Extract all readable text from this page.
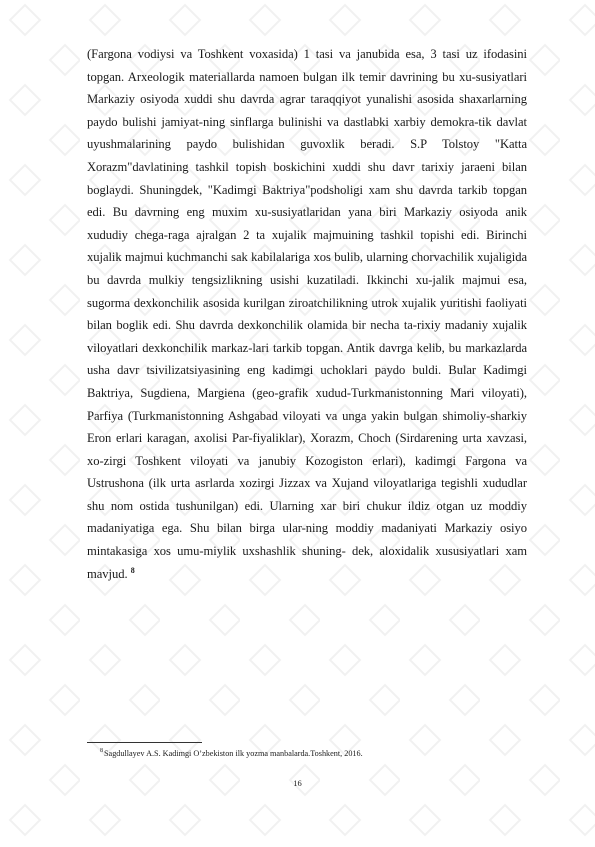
(Fargona vodiysi va Toshkent voxasida) 1 tasi va janubida esa, 3 tasi uz ifodasini topgan. Arxeologik materiallarda namoen bulgan ilk temir davrining bu xu-susiyatlari Markaziy osiyoda xuddi shu davrda agrar taraqqiyot yunalishi asosida shaxarlarning paydo bulishi jamiyat-ning sinflarga bulinishi va dastlabki xarbiy demokra-tik davlat uyushmalarining paydo bulishidan guvoxlik beradi. S.P Tolstoy "Katta Xorazm"davlatining tashkil topish boskichini xuddi shu davr tarixiy jaraeni bilan boglaydi. Shuningdek, "Kadimgi Baktriya"podsholigi xam shu davrda tarkib topgan edi. Bu davrning eng muxim xu-susiyatlaridan yana biri Markaziy osiyoda anik xududiy chega-raga ajralgan 2 ta xujalik majmuining tashkil topishi edi. Birinchi xujalik majmui kuchmanchi sak kabilalariga xos bulib, ularning chorvachilik xujaligida bu davrda mulkiy tengsizlikning usishi kuzatiladi. Ikkinchi xu-jalik majmui esa, sugorma dexkonchilik asosida kurilgan ziroatchilikning utrok xujalik yuritishi faoliyati bilan boglik edi. Shu davrda dexkonchilik olamida bir necha ta-rixiy madaniy xujalik viloyatlari dexkonchilik markaz-lari tarkib topgan. Antik davrga kelib, bu markazlarda usha davr tsivilizatsiyasining eng kadimgi uchoklari paydo buldi. Bular Kadimgi Baktriya, Sugdiena, Margiena (geo-grafik xudud-Turkmanistonning Mari viloyati), Parfiya (Turkmanistonning Ashgabad viloyati va unga yakin bulgan shimoliy-sharkiy Eron erlari karagan, axolisi Par-fiyaliklar), Xorazm, Choch (Sirdarening urta xavzasi, xo-zirgi Toshkent viloyati va janubiy Kozogiston erlari), kadimgi Fargona va Ustrushona (ilk urta asrlarda xozirgi Jizzax va Xujand viloyatlariga tegishli xududlar shu nom ostida tushunilgan) edi. Ularning xar biri chukur ildiz otgan uz moddiy madaniyatiga ega. Shu bilan birga ular-ning moddiy madaniyati Markaziy osiyo mintakasiga xos umu-miylik uxshashlik shuning- dek, aloxidalik xususiyatlari xam mavjud. $^8$

$^8$Sagdullayev A.S. Kadimgi O’zbekiston ilk yozma manbalarda.Toshkent, 2016.
16
